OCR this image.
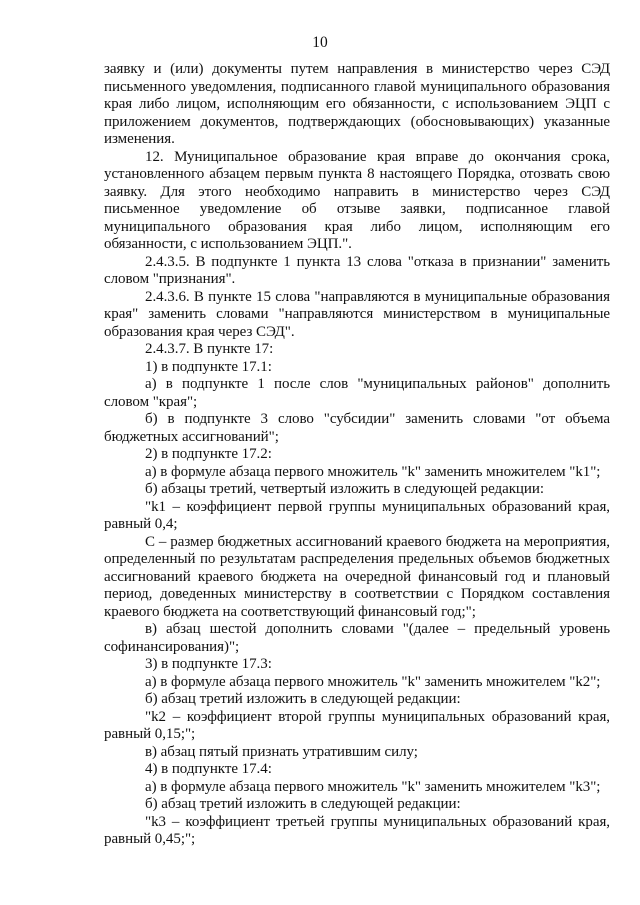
10

заявку и (или) документы путем направления в министерство через СЭД письменного уведомления, подписанного главой муниципального образования края либо лицом, исполняющим его обязанности, с использованием ЭЦП с приложением документов, подтверждающих (обосновывающих) указанные изменения.

12. Муниципальное образование края вправе до окончания срока, установленного абзацем первым пункта 8 настоящего Порядка, отозвать свою заявку. Для этого необходимо направить в министерство через СЭД письменное уведомление об отзыве заявки, подписанное главой муниципального образования края либо лицом, исполняющим его обязанности, с использованием ЭЦП.".

2.4.3.5. В подпункте 1 пункта 13 слова "отказа в признании" заменить словом "признания".

2.4.3.6. В пункте 15 слова "направляются в муниципальные образования края" заменить словами "направляются министерством в муниципальные образования края через СЭД".

2.4.3.7. В пункте 17:

1) в подпункте 17.1:

а) в подпункте 1 после слов "муниципальных районов" дополнить словом "края";

б) в подпункте 3 слово "субсидии" заменить словами "от объема бюджетных ассигнований";

2) в подпункте 17.2:

а) в формуле абзаца первого множитель "k" заменить множителем "k1";

б) абзацы третий, четвертый изложить в следующей редакции:

"k1 – коэффициент первой группы муниципальных образований края, равный 0,4;

С – размер бюджетных ассигнований краевого бюджета на мероприятия, определенный по результатам распределения предельных объемов бюджетных ассигнований краевого бюджета на очередной финансовый год и плановый период, доведенных министерству в соответствии с Порядком составления краевого бюджета на соответствующий финансовый год;";

в) абзац шестой дополнить словами "(далее – предельный уровень софинансирования)";

3) в подпункте 17.3:

а) в формуле абзаца первого множитель "k" заменить множителем "k2";

б) абзац третий изложить в следующей редакции:

"k2 – коэффициент второй группы муниципальных образований края, равный 0,15;";

в) абзац пятый признать утратившим силу;

4) в подпункте 17.4:

а) в формуле абзаца первого множитель "k" заменить множителем "k3";

б) абзац третий изложить в следующей редакции:

"k3 – коэффициент третьей группы муниципальных образований края, равный 0,45;";
